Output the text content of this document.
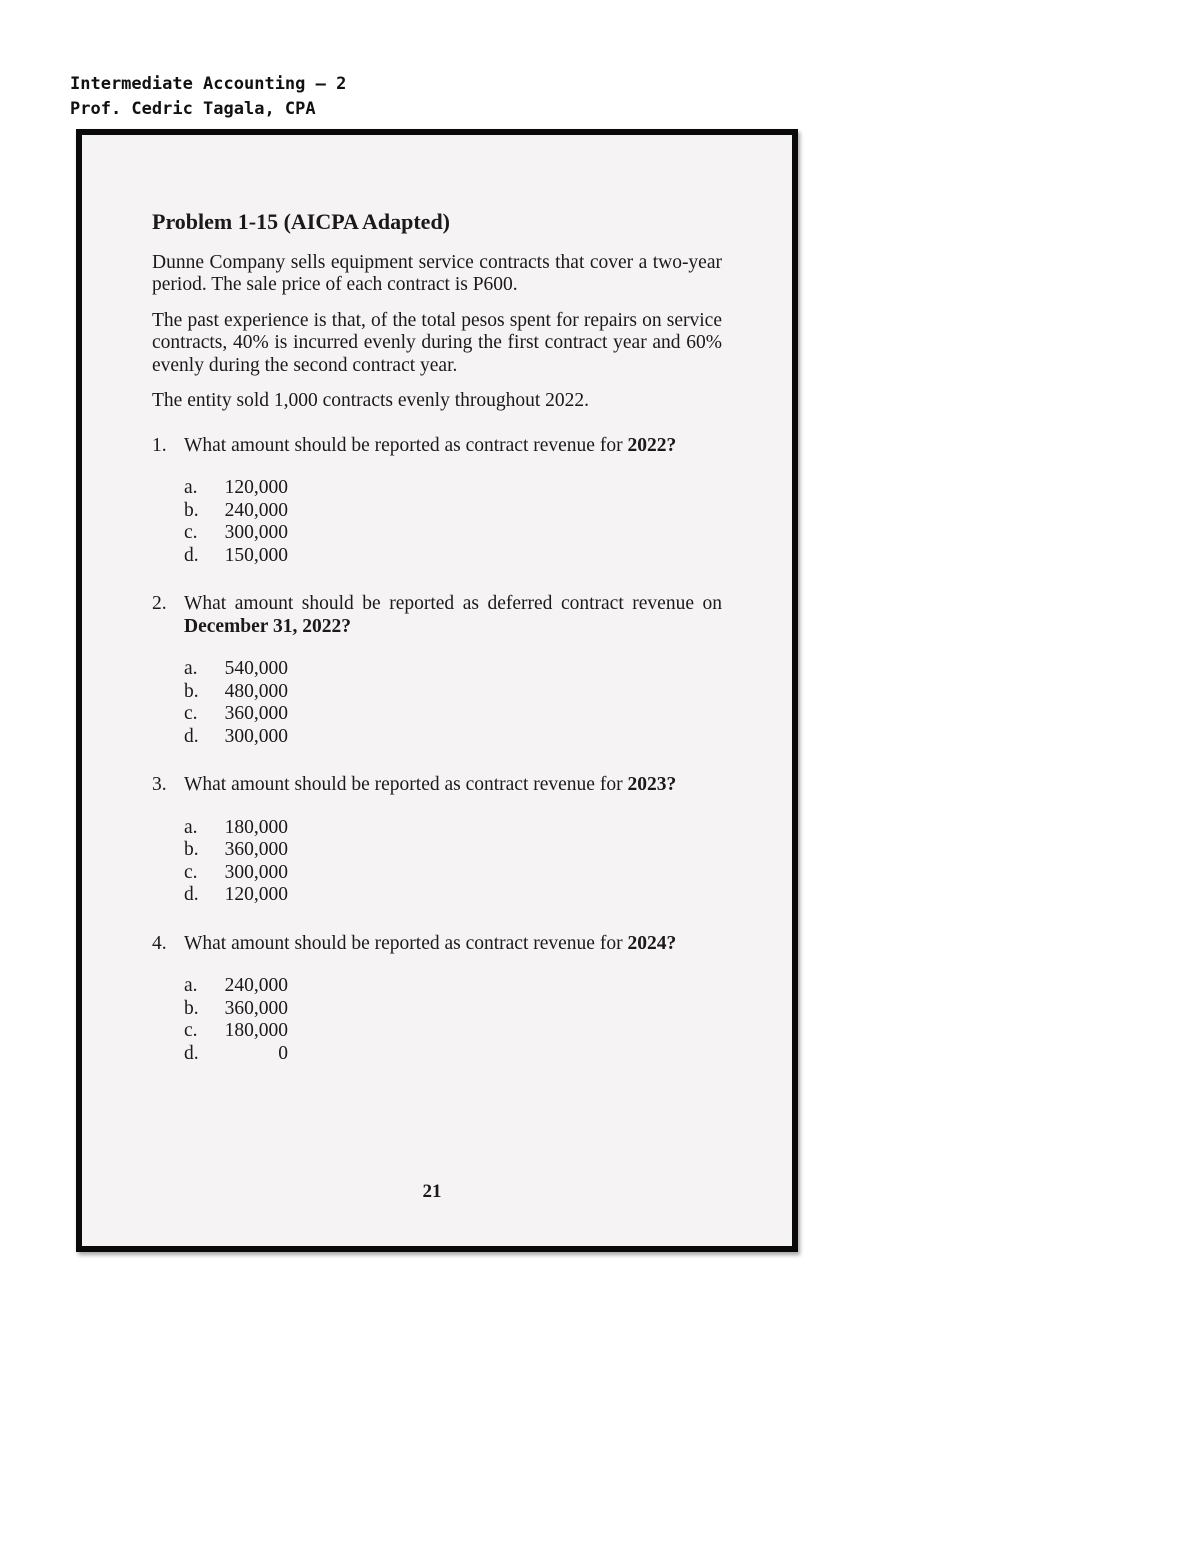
Intermediate Accounting – 2
Prof. Cedric Tagala, CPA
Problem 1-15 (AICPA Adapted)

Dunne Company sells equipment service contracts that cover a two-year period. The sale price of each contract is P600.

The past experience is that, of the total pesos spent for repairs on service contracts, 40% is incurred evenly during the first contract year and 60% evenly during the second contract year.

The entity sold 1,000 contracts evenly throughout 2022.

1. What amount should be reported as contract revenue for 2022?
a.	120,000
b.	240,000
c.	300,000
d.	150,000
2. What amount should be reported as deferred contract revenue on December 31, 2022?
a.	540,000
b.	480,000
c.	360,000
d.	300,000
3. What amount should be reported as contract revenue for 2023?
a.	180,000
b.	360,000
c.	300,000
d.	120,000
4. What amount should be reported as contract revenue for 2024?
a.	240,000
b.	360,000
c.	180,000
d.	0
21
